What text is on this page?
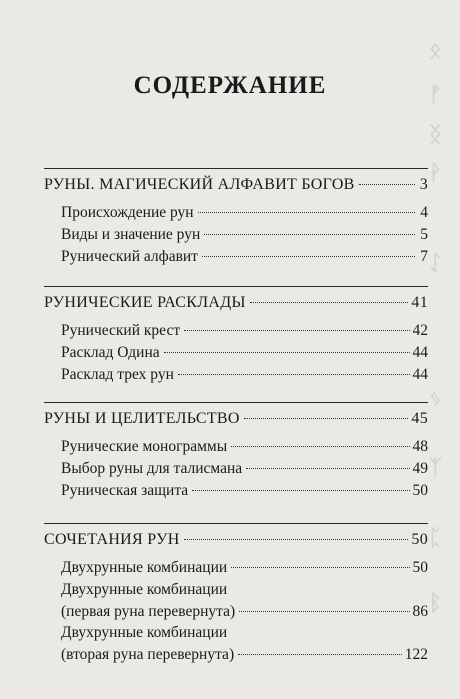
ᛟ
ᚠ
ᛝ
ᚹ
ᛇ
ᛃ
ᛉ
ᛈ
ᛒ
СОДЕРЖАНИЕ
РУНЫ. МАГИЧЕСКИЙ АЛФАВИТ БОГОВ	3
Происхождение рун	4
Виды и значение рун	5
Рунический алфавит	7
РУНИЧЕСКИЕ РАСКЛАДЫ	41
Рунический крест	42
Расклад Одина	44
Расклад трех рун	44
РУНЫ И ЦЕЛИТЕЛЬСТВО	45
Рунические монограммы	48
Выбор руны для талисмана	49
Руническая защита	50
СОЧЕТАНИЯ РУН	50
Двухрунные комбинации	50
Двухрунные комбинации
(первая руна перевернута)	86
Двухрунные комбинации
(вторая руна перевернута)	122
